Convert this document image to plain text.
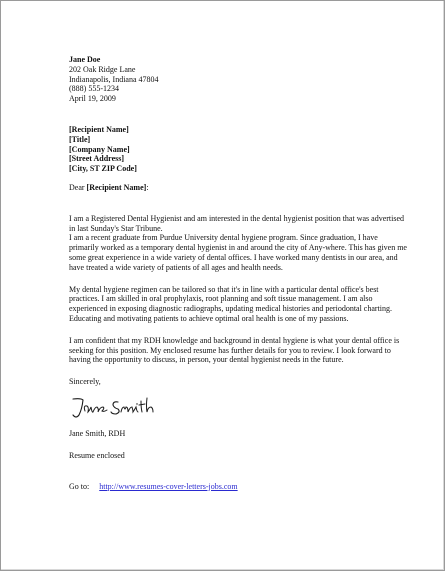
Jane Doe
202 Oak Ridge Lane
Indianapolis, Indiana 47804
(888) 555-1234
April 19, 2009
[Recipient Name]
[Title]
[Company Name]
[Street Address]
[City, ST ZIP Code]
Dear [Recipient Name]:

I am a Registered Dental Hygienist and am interested in the dental hygienist position that was advertised in last Sunday's Star Tribune.

I am a recent graduate from Purdue University dental hygiene program. Since graduation, I have primarily worked as a temporary dental hygienist in and around the city of Any-where. This has given me some great experience in a wide variety of dental offices. I have worked many dentists in our area, and have treated a wide variety of patients of all ages and health needs.

My dental hygiene regimen can be tailored so that it's in line with a particular dental office's best practices. I am skilled in oral prophylaxis, root planning and soft tissue management. I am also experienced in exposing diagnostic radiographs, updating medical histories and periodontal charting. Educating and motivating patients to achieve optimal oral health is one of my passions.

I am confident that my RDH knowledge and background in dental hygiene is what your dental office is seeking for this position. My enclosed resume has further details for you to review. I look forward to having the opportunity to discuss, in person, your dental hygienist needs in the future.

Sincerely,
Jane Smith, RDH
Resume enclosed
Go to: http://www.resumes-cover-letters-jobs.com
